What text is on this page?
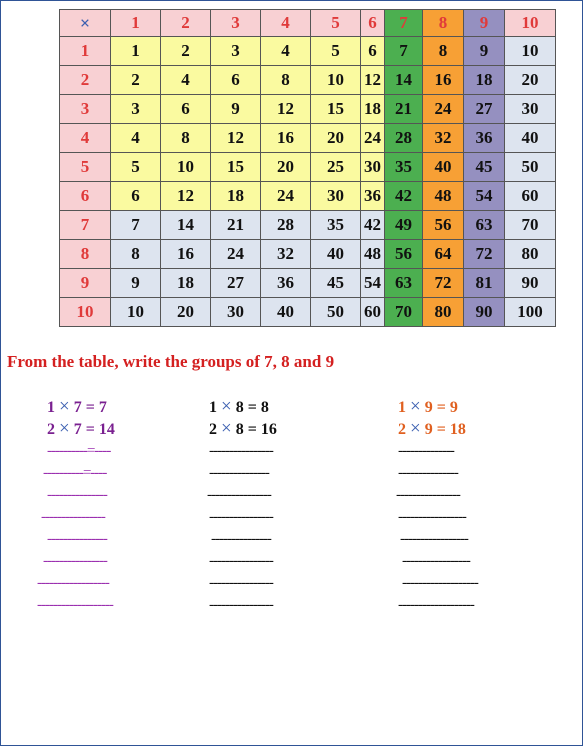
×	1	2	3	4	5	6	7	8	9	10
1	1	2	3	4	5	6	7	8	9	10
2	2	4	6	8	10	12	14	16	18	20
3	3	6	9	12	15	18	21	24	27	30
4	4	8	12	16	20	24	28	32	36	40
5	5	10	15	20	25	30	35	40	45	50
6	6	12	18	24	30	36	42	48	54	60
7	7	14	21	28	35	42	49	56	63	70
8	8	16	24	32	40	48	56	64	72	80
9	9	18	27	36	45	54	63	72	81	90
10	10	20	30	40	50	60	70	80	90	100

From the table, write the groups of 7, 8 and 9

1 × 7 = 7
2 × 7 = 14
----------=----
----------=----
---------------
----------------
---------------
----------------
------------------
-------------------
1 × 8 = 8
2 × 8 = 16
----------------
---------------
----------------
----------------
---------------
----------------
----------------
----------------
1 × 9 = 9
2 × 9 = 18
--------------
---------------
----------------
-----------------
-----------------
-----------------
-------------------
-------------------
